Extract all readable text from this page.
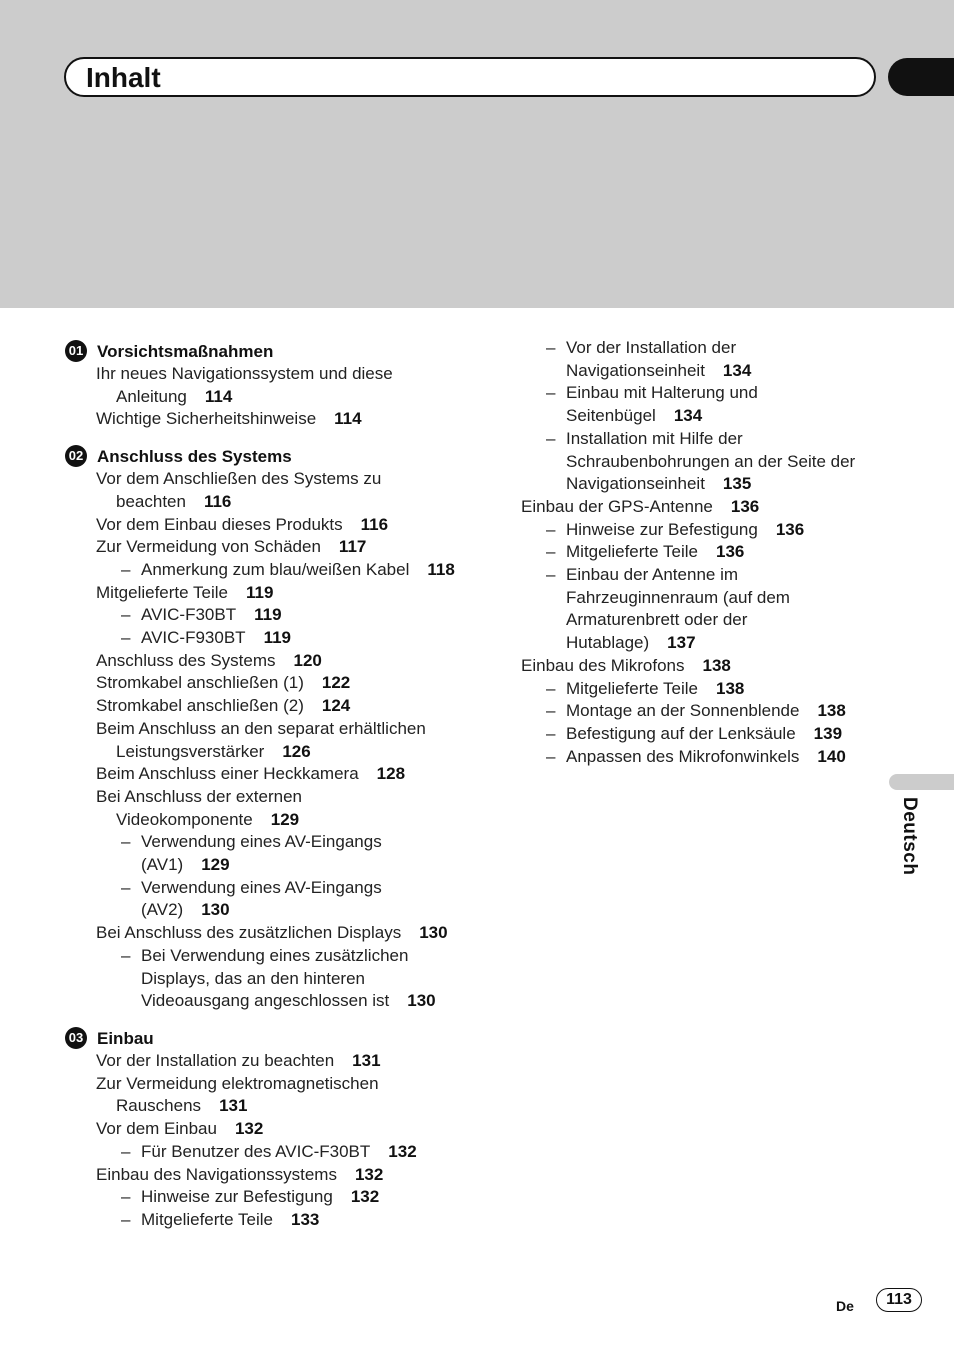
Inhalt
01 Vorsichtsmaßnahmen
Ihr neues Navigationssystem und diese Anleitung 114
Wichtige Sicherheitshinweise 114
02 Anschluss des Systems
Vor dem Anschließen des Systems zu beachten 116
Vor dem Einbau dieses Produkts 116
Zur Vermeidung von Schäden 117
– Anmerkung zum blau/weißen Kabel 118
Mitgelieferte Teile 119
– AVIC-F30BT 119
– AVIC-F930BT 119
Anschluss des Systems 120
Stromkabel anschließen (1) 122
Stromkabel anschließen (2) 124
Beim Anschluss an den separat erhältlichen Leistungsverstärker 126
Beim Anschluss einer Heckkamera 128
Bei Anschluss der externen Videokomponente 129
– Verwendung eines AV-Eingangs (AV1) 129
– Verwendung eines AV-Eingangs (AV2) 130
Bei Anschluss des zusätzlichen Displays 130
– Bei Verwendung eines zusätzlichen Displays, das an den hinteren Videoausgang angeschlossen ist 130
03 Einbau
Vor der Installation zu beachten 131
Zur Vermeidung elektromagnetischen Rauschens 131
Vor dem Einbau 132
– Für Benutzer des AVIC-F30BT 132
Einbau des Navigationssystems 132
– Hinweise zur Befestigung 132
– Mitgelieferte Teile 133
– Vor der Installation der Navigationseinheit 134
– Einbau mit Halterung und Seitenbügel 134
– Installation mit Hilfe der Schraubenbohrungen an der Seite der Navigationseinheit 135
Einbau der GPS-Antenne 136
– Hinweise zur Befestigung 136
– Mitgelieferte Teile 136
– Einbau der Antenne im Fahrzeuginnenraum (auf dem Armaturenbrett oder der Hutablage) 137
Einbau des Mikrofons 138
– Mitgelieferte Teile 138
– Montage an der Sonnenblende 138
– Befestigung auf der Lenksäule 139
– Anpassen des Mikrofonwinkels 140
Deutsch
De	113
